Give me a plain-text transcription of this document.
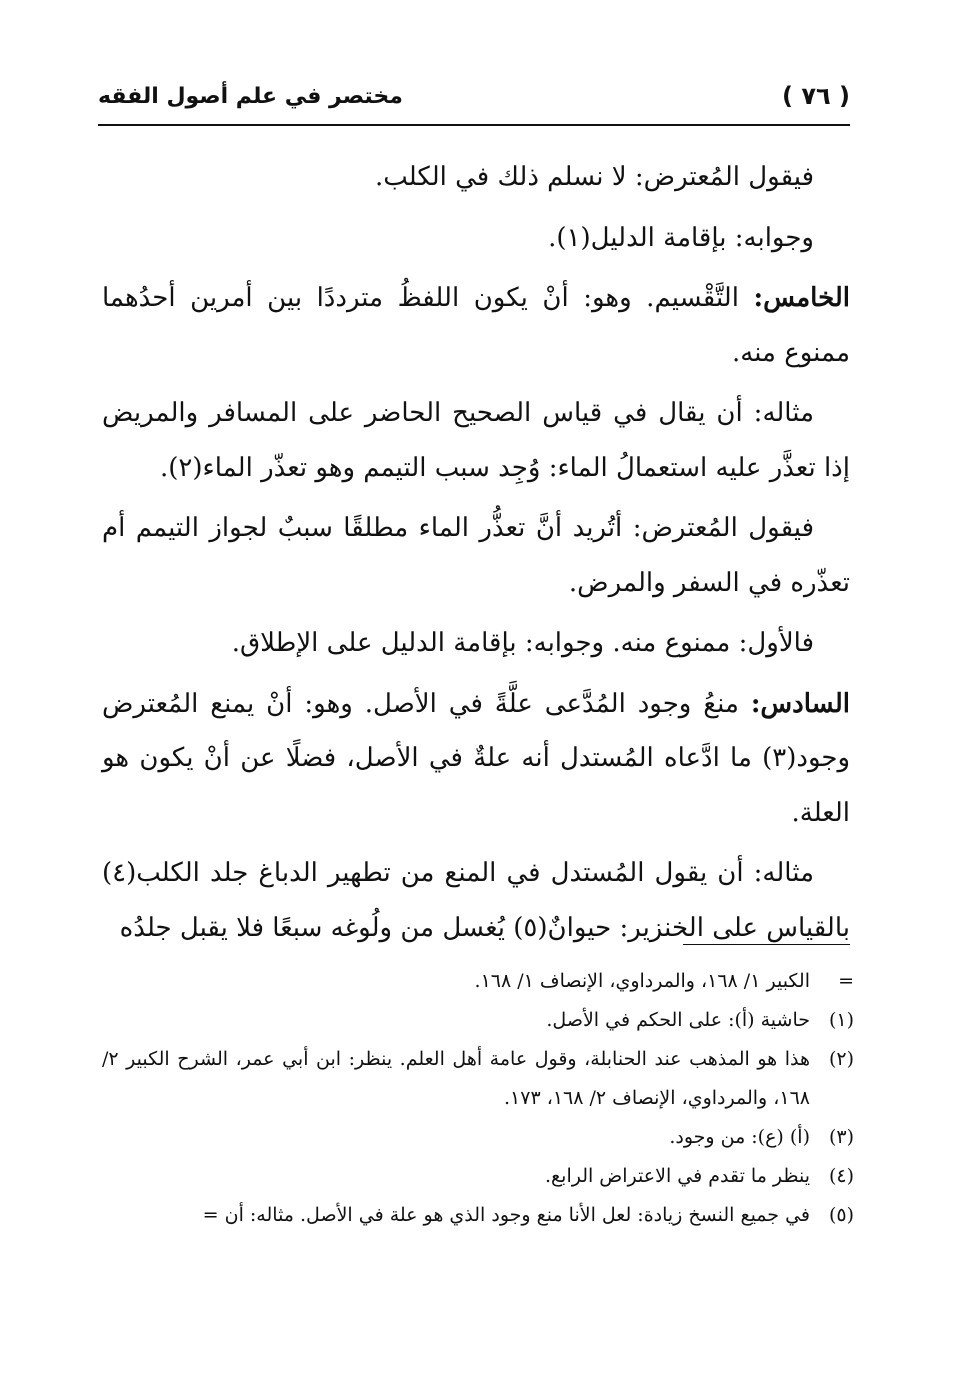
مختصر في علم أصول الفقه	( ٧٦ )

فيقول المُعترض: لا نسلم ذلك في الكلب.

وجوابه: بإقامة الدليل(١).

الخامس: التَّقْسيم. وهو: أنْ يكون اللفظُ مترددًا بين أمرين أحدُهما ممنوع منه.

مثاله: أن يقال في قياس الصحيح الحاضر على المسافر والمريض إذا تعذَّر عليه استعمالُ الماء: وُجِد سبب التيمم وهو تعذّر الماء(٢).

فيقول المُعترض: أتُريد أنَّ تعذُّر الماء مطلقًا سببٌ لجواز التيمم أم تعذّره في السفر والمرض.

فالأول: ممنوع منه. وجوابه: بإقامة الدليل على الإطلاق.

السادس: منعُ وجود المُدَّعى علَّةً في الأصل. وهو: أنْ يمنع المُعترض وجود(٣) ما ادَّعاه المُستدل أنه علةٌ في الأصل، فضلًا عن أنْ يكون هو العلة.

مثاله: أن يقول المُستدل في المنع من تطهير الدباغ جلد الكلب(٤) بالقياس على الخنزير: حيوانٌ(٥) يُغسل من ولُوغه سبعًا فلا يقبل جلدُه

=
الكبير ١/ ١٦٨، والمرداوي، الإنصاف ١/ ١٦٨.

(١)
حاشية (أ): على الحكم في الأصل.

(٢)
هذا هو المذهب عند الحنابلة، وقول عامة أهل العلم. ينظر: ابن أبي عمر، الشرح الكبير ٢/ ١٦٨، والمرداوي، الإنصاف ٢/ ١٦٨، ١٧٣.

(٣)
(أ) (ع): من وجود.

(٤)
ينظر ما تقدم في الاعتراض الرابع.

(٥)
في جميع النسخ زيادة: لعل الأنا منع وجود الذي هو علة في الأصل. مثاله: أن =
